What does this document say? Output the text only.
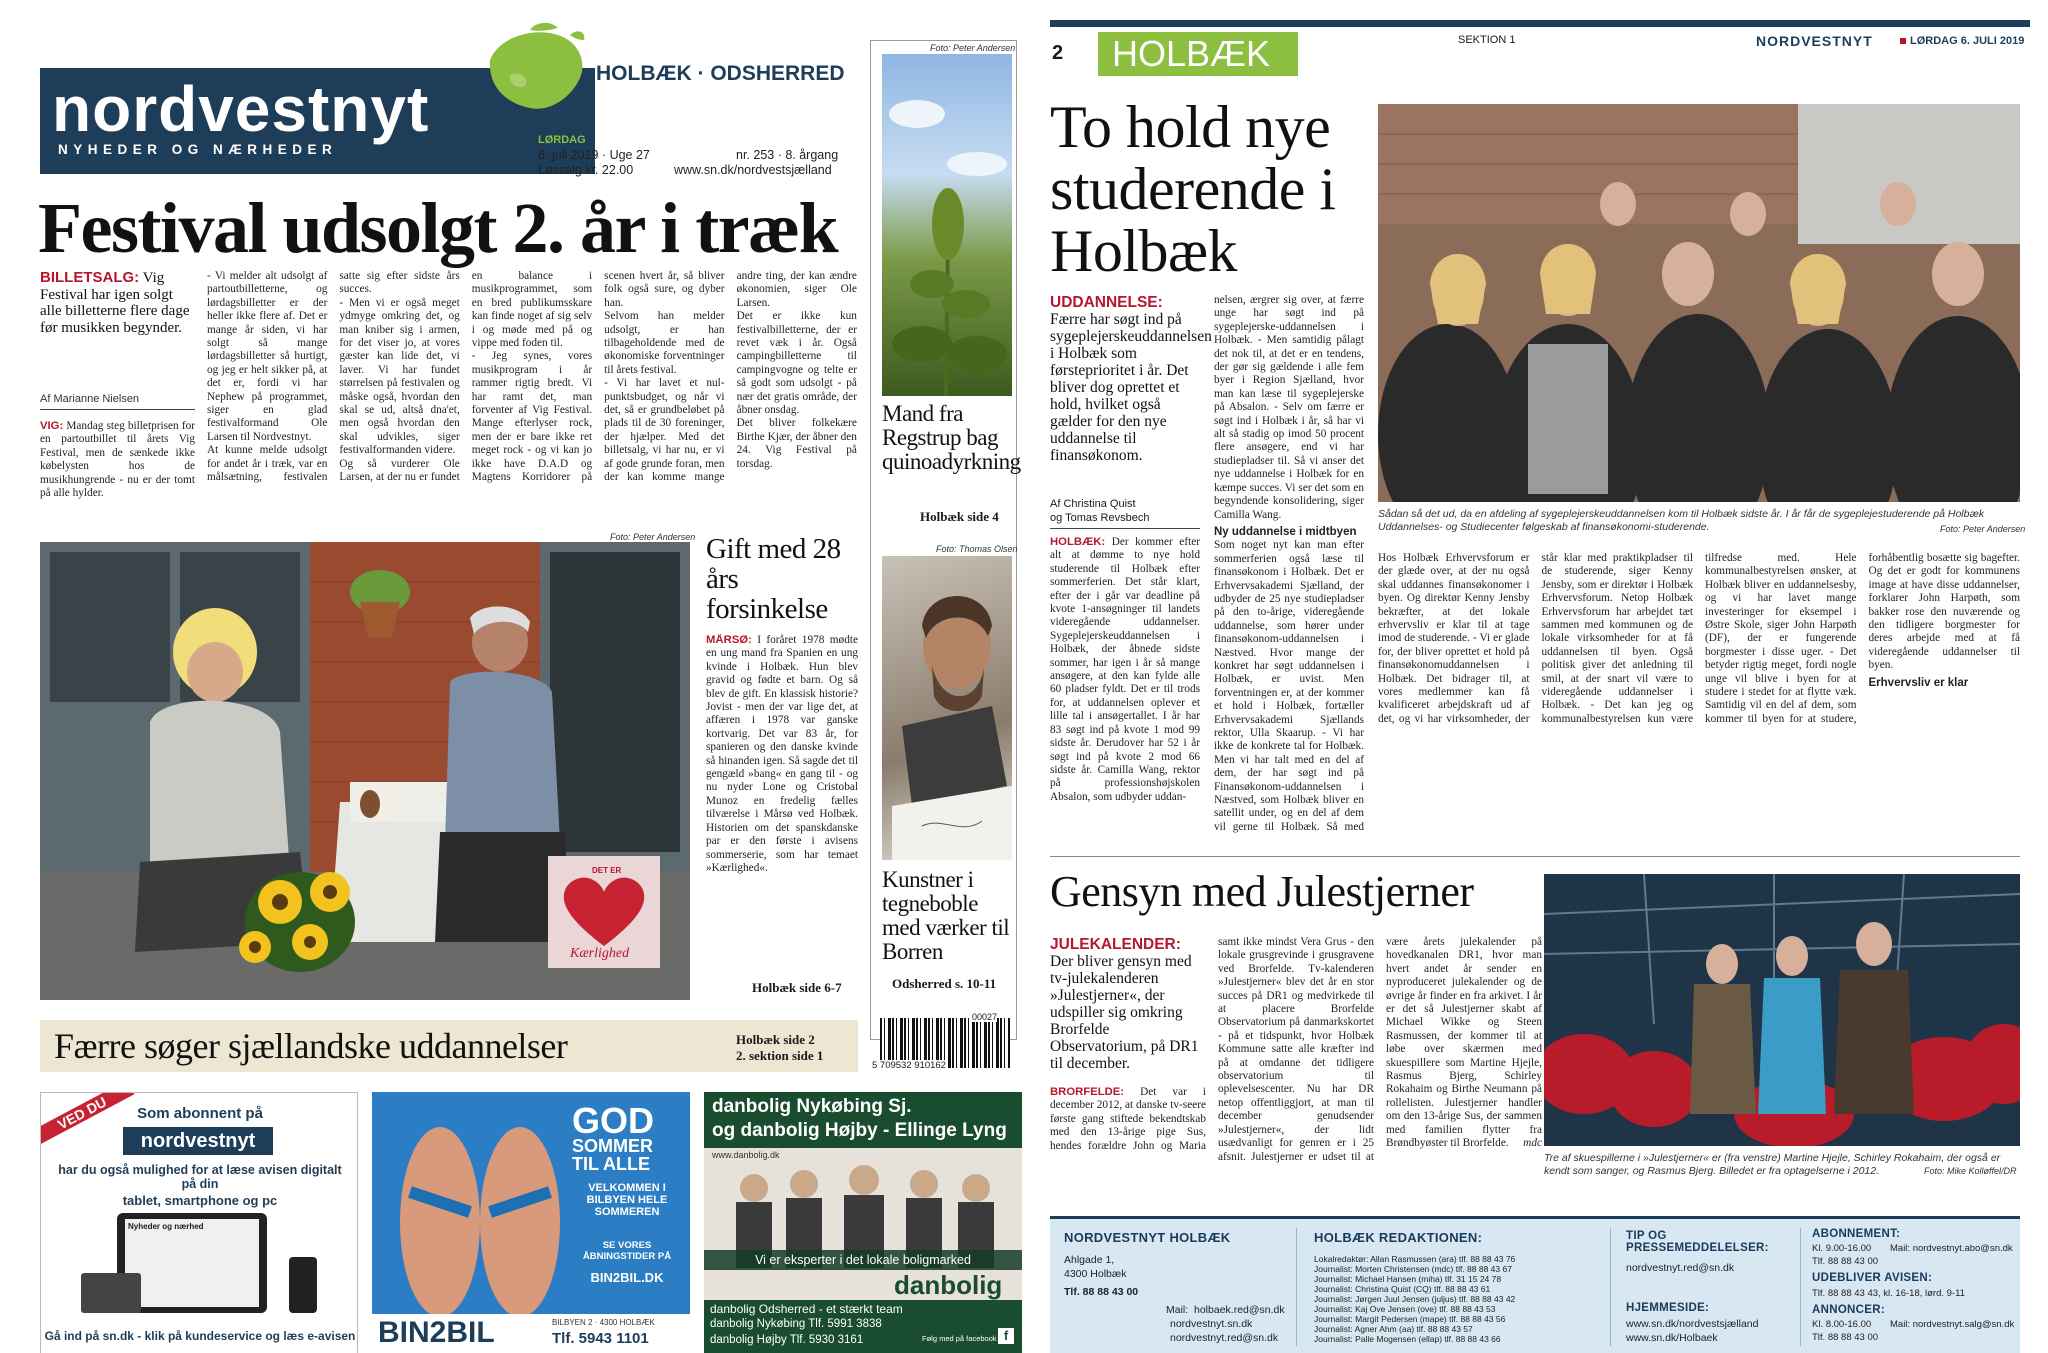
nordvestnyt
NYHEDER OG NÆRHEDER
HOLBÆK · ODSHERRED
LØRDAG
6. juli 2019 · Uge 27
Løssalg kr. 22.00
nr. 253 · 8. årgang
www.sn.dk/nordvestsjælland
Festival udsolgt 2. år i træk
BILLETSALG: Vig Festival har igen solgt alle billetterne flere dage før musikken begynder.
Af Marianne Nielsen
VIG: Mandag steg billetprisen for en partoutbillet til årets Vig Festival, men de sænkede ikke købelysten hos de musikhungrende - nu er der tomt på alle hylder.

- Vi melder alt udsolgt af partoutbilletterne, og lørdagsbilletter er der heller ikke flere af. Det er mange år siden, vi har solgt så mange lørdagsbilletter så hurtigt, og jeg er helt sikker på, at det er, fordi vi har Nephew på programmet, siger en glad festivalformand Ole Larsen til Nordvestnyt.

At kunne melde udsolgt for andet år i træk, var en målsætning, festivalen satte sig efter sidste års succes.

- Men vi er også meget ydmyge omkring det, og man kniber sig i armen, for det viser jo, at vores gæster kan lide det, vi laver. Vi har fundet størrelsen på festivalen og måske også, hvordan den skal se ud, altså dna'et, men også hvordan den skal udvikles, siger festivalformanden videre.

Og så vurderer Ole Larsen, at der nu er fundet en balance i musikprogrammet, som en bred publikumsskare kan finde noget af sig selv i og møde med på og vippe med foden til.

- Jeg synes, vores musikprogram i år rammer rigtig bredt. Vi har ramt det, man forventer af Vig Festival. Mange efterlyser rock, men der er bare ikke ret meget rock - og vi kan jo ikke have D.A.D og Magtens Korridorer på scenen hvert år, så bliver folk også sure, og dyber han.

Selvom han melder udsolgt, er han tilbageholdende med de økonomiske forventninger til årets festival.

- Vi har lavet et nul-punktsbudget, og når vi det, så er grundbeløbet på plads til de 30 foreninger, der hjælper. Med det billetsalg, vi har nu, er vi af gode grunde foran, men der kan komme mange andre ting, der kan ændre økonomien, siger Ole Larsen.

Det er ikke kun festivalbilletterne, der er revet væk i år. Også campingbilletterne til campingvogne og telte er så godt som udsolgt - på nær det gratis område, der åbner onsdag.

Det bliver folkekære Birthe Kjær, der åbner den 24. Vig Festival på torsdag.

Foto: Peter Andersen
Mand fra Regstrup bag quinoadyrkning
Holbæk side 4
Foto: Thomas Olsen
Kunstner i tegneboble med værker til Borren
Odsherred s. 10-11
Foto: Peter Andersen
DET ER
Kærlighed
Gift med 28 års forsinkelse
MÅRSØ: I foråret 1978 mødte en ung mand fra Spanien en ung kvinde i Holbæk. Hun blev gravid og fødte et barn. Og så blev de gift. En klassisk historie? Jovist - men der var lige det, at affæren i 1978 var ganske kortvarig. Det var 83 år, for spanieren og den danske kvinde så hinanden igen. Så sagde det til gengæld »bang« en gang til - og nu nyder Lone og Cristobal Munoz en fredelig fælles tilværelse i Mårsø ved Holbæk. Historien om det spanskdanske par er den første i avisens sommerserie, som har temaet »Kærlighed«.
Holbæk side 6-7
Færre søger sjællandske uddannelser	Holbæk side 2
2. sektion side 1
00027
5 709532 910162
VED DU	Som abonnent på
nordvestnyt
har du også mulighed for at læse avisen digitalt på din
tablet, smartphone og pc
Nyheder og nærhed
Gå ind på sn.dk - klik på kundeservice og læs e-avisen
GOD
SOMMER
TIL ALLE
VELKOMMEN I BILBYEN HELE SOMMEREN
SE VORES ÅBNINGSTIDER PÅ
BIN2BIL.DK
BIN2BIL	BILBYEN 2 · 4300 HOLBÆK
Tlf. 5943 1101
danbolig Nykøbing Sj.
og danbolig Højby - Ellinge Lyng
www.danbolig.dk
Vi er eksperter i det lokale boligmarked
danbolig
danbolig Odsherred - et stærkt team
danbolig Nykøbing Tlf. 5991 3838
danbolig Højby Tlf. 5930 3161	Følg med på facebook f
2	HOLBÆK	SEKTION 1	NORDVESTNYT	LØRDAG 6. JULI 2019
To hold nye studerende i Holbæk
UDDANNELSE: Færre har søgt ind på sygeplejerskeuddannelsen i Holbæk som førsteprioritet i år. Det bliver dog oprettet et hold, hvilket også gælder for den nye uddannelse til finansøkonom.
Af Christina Quist
og Tomas Revsbech
HOLBÆK: Der kommer efter alt at dømme to nye hold studerende til Holbæk efter sommerferien. Det står klart, efter der i går var deadline på kvote 1-ansøgninger til landets videregående uddannelser. Sygeplejerskeuddannelsen i Holbæk, der åbnede sidste sommer, har igen i år så mange ansøgere, at den kan fylde alle 60 pladser fyldt. Det er til trods for, at uddannelsen oplever et lille tal i ansøgertallet. I år har 83 søgt ind på kvote 1 mod 99 sidste år. Derudover har 52 i år søgt ind på kvote 2 mod 66 sidste år. Camilla Wang, rektor på professionshøjskolen Absalon, som udbyder uddan-

nelsen, ærgrer sig over, at færre unge har søgt ind på sygeplejerske-uddannelsen i Holbæk. - Men samtidig pålagt det nok til, at det er en tendens, der gør sig gældende i alle fem byer i Region Sjælland, hvor man kan læse til sygeplejerske på Absalon. - Selv om færre er søgt ind i Holbæk i år, så har vi alt så stadig op imod 50 procent flere ansøgere, end vi har studiepladser til. Så vi anser det nye uddannelse i Holbæk for en kæmpe succes. Vi ser det som en begyndende konsolidering, siger Camilla Wang.

Ny uddannelse i midtbyen

Som noget nyt kan man efter sommerferien også læse til finansøkonom i Holbæk. Det er Erhvervsakademi Sjælland, der udbyder de 25 nye studiepladser på den to-årige, videregående uddannelse, som hører under finansøkonom-uddannelsen i Næstved. Hvor mange der konkret har søgt uddannelsen i Holbæk, er uvist. Men forventningen er, at der kommer et hold i Holbæk, fortæller Erhvervsakademi Sjællands rektor, Ulla Skaarup. - Vi har ikke de konkrete tal for Holbæk. Men vi har talt med en del af dem, der har søgt ind på Finansøkonom-uddannelsen i Næstved, som Holbæk bliver en satellit under, og en del af dem vil gerne til Holbæk. Så med

Sådan så det ud, da en afdeling af sygeplejerskeuddannelsen kom til Holbæk sidste år. I år får de sygeplejestuderende på Holbæk Uddannelses- og Studiecenter følgeskab af finansøkonomi-studerende.	Foto: Peter Andersen

Hos Holbæk Erhvervsforum er der glæde over, at der nu også skal uddannes finansøkonomer i byen. Og direktør Kenny Jensby bekræfter, at det lokale erhvervsliv er klar til at tage imod de studerende. - Vi er glade for, der bliver oprettet et hold på finansøkonomuddannelsen i Holbæk. Det bidrager til, at vores medlemmer kan få kvalificeret arbejdskraft ud af det, og vi har virksomheder, der står klar med praktikpladser til de studerende, siger Kenny Jensby, som er direktør i Holbæk Erhvervsforum. Netop Holbæk Erhvervsforum har arbejdet tæt sammen med kommunen og de lokale virksomheder for at få uddannelsen til byen. Også politisk giver det anledning til smil, at der snart vil være to videregående uddannelser i Holbæk. - Det kan jeg og kommunalbestyrelsen kun være tilfredse med. Hele kommunalbestyrelsen ønsker, at Holbæk bliver en uddannelsesby, og vi har lavet mange investeringer for eksempel i Østre Skole, siger John Harpøth (DF), der er fungerende borgmester i disse uger. - Det betyder rigtig meget, fordi nogle unge vil blive i byen for at studere i stedet for at flytte væk. Samtidig vil en del af dem, som kommer til byen for at studere, forhåbentlig bosætte sig bagefter. Og det er godt for kommunens image at have disse uddannelser, forklarer John Harpøth, som bakker rose den nuværende og den tidligere borgmester for deres arbejde med at få videregående uddannelser til byen.

Erhvervsliv er klar
Gensyn med Julestjerner
JULEKALENDER: Der bliver gensyn med tv-julekalenderen »Julestjerner«, der udspiller sig omkring Brorfelde Observatorium, på DR1 til december.
BRORFELDE: Det var i december 2012, at danske tv-seere første gang stiftede bekendtskab med den 13-årige pige Sus, hendes forældre John og Maria samt ikke mindst Vera Grus - den lokale grusgrevinde i grusgravene ved Brorfelde. Tv-kalenderen »Julestjerner« blev det år en stor succes på DR1 og medvirkede til at placere Brorfelde Observatorium på danmarkskortet - på et tidspunkt, hvor Holbæk Kommune satte alle kræfter ind på at omdanne det tidligere observatorium til oplevelsescenter. Nu har DR netop offentliggjort, at man til december genudsender »Julestjerner«, der lidt usædvanligt for genren er i 25 afsnit. Julestjerner er udset til at være årets julekalender på hovedkanalen DR1, hvor man hvert andet år sender en nyproduceret julekalender og de øvrige år finder en fra arkivet. I år er det så Julestjerner skabt af Michael Wikke og Steen Rasmussen, der kommer til at løbe over skærmen med skuespillere som Martine Hjejle, Rasmus Bjerg, Schirley Rokahaim og Birthe Neumann på rollelisten. Julestjerner handler om den 13-årige Sus, der sammen med familien flytter fra Brøndbyøster til Brorfelde. mdc
Tre af skuespillerne i »Julestjerner« er (fra venstre) Martine Hjejle, Schirley Rokahaim, der også er kendt som sanger, og Rasmus Bjerg. Billedet er fra optagelserne i 2012.	Foto: Mike Kolløffel/DR
NORDVESTNYT HOLBÆK
Ahlgade 1,
4300 Holbæk
Tlf. 88 88 43 00
Mail: holbaek.red@sn.dk
nordvestnyt.sn.dk
nordvestnyt.red@sn.dk
HOLBÆK REDAKTIONEN:
Lokalredaktør: Allan Rasmussen (ara) tlf. 88 88 43 76
Journalist: Morten Christensen (mdc) tlf. 88 88 43 67
Journalist: Michael Hansen (miha) tlf. 31 15 24 78
Journalist: Christina Quist (CQ) tlf. 88 88 43 61
Journalist: Jørgen Juul Jensen (juljus) tlf. 88 88 43 42
Journalist: Kaj Ove Jensen (ove) tlf. 88 88 43 53
Journalist: Margit Pedersen (mape) tlf. 88 88 43 56
Journalist: Agner Ahm (aa) tlf. 88 88 43 57
Journalist: Palle Mogensen (ellap) tlf. 88 88 43 66
TIP OG PRESSEMEDDELELSER:
nordvestnyt.red@sn.dk
HJEMMESIDE:
www.sn.dk/nordvestsjælland
www.sn.dk/Holbaek
ABONNEMENT:
Kl. 9.00-16.00 Mail: nordvestnyt.abo@sn.dk
Tlf. 88 88 43 00
UDEBLIVER AVISEN:
Tlf. 88 88 43 43, kl. 16-18, lørd. 9-11
ANNONCER:
Kl. 8.00-16.00 Mail: nordvestnyt.salg@sn.dk
Tlf. 88 88 43 00
